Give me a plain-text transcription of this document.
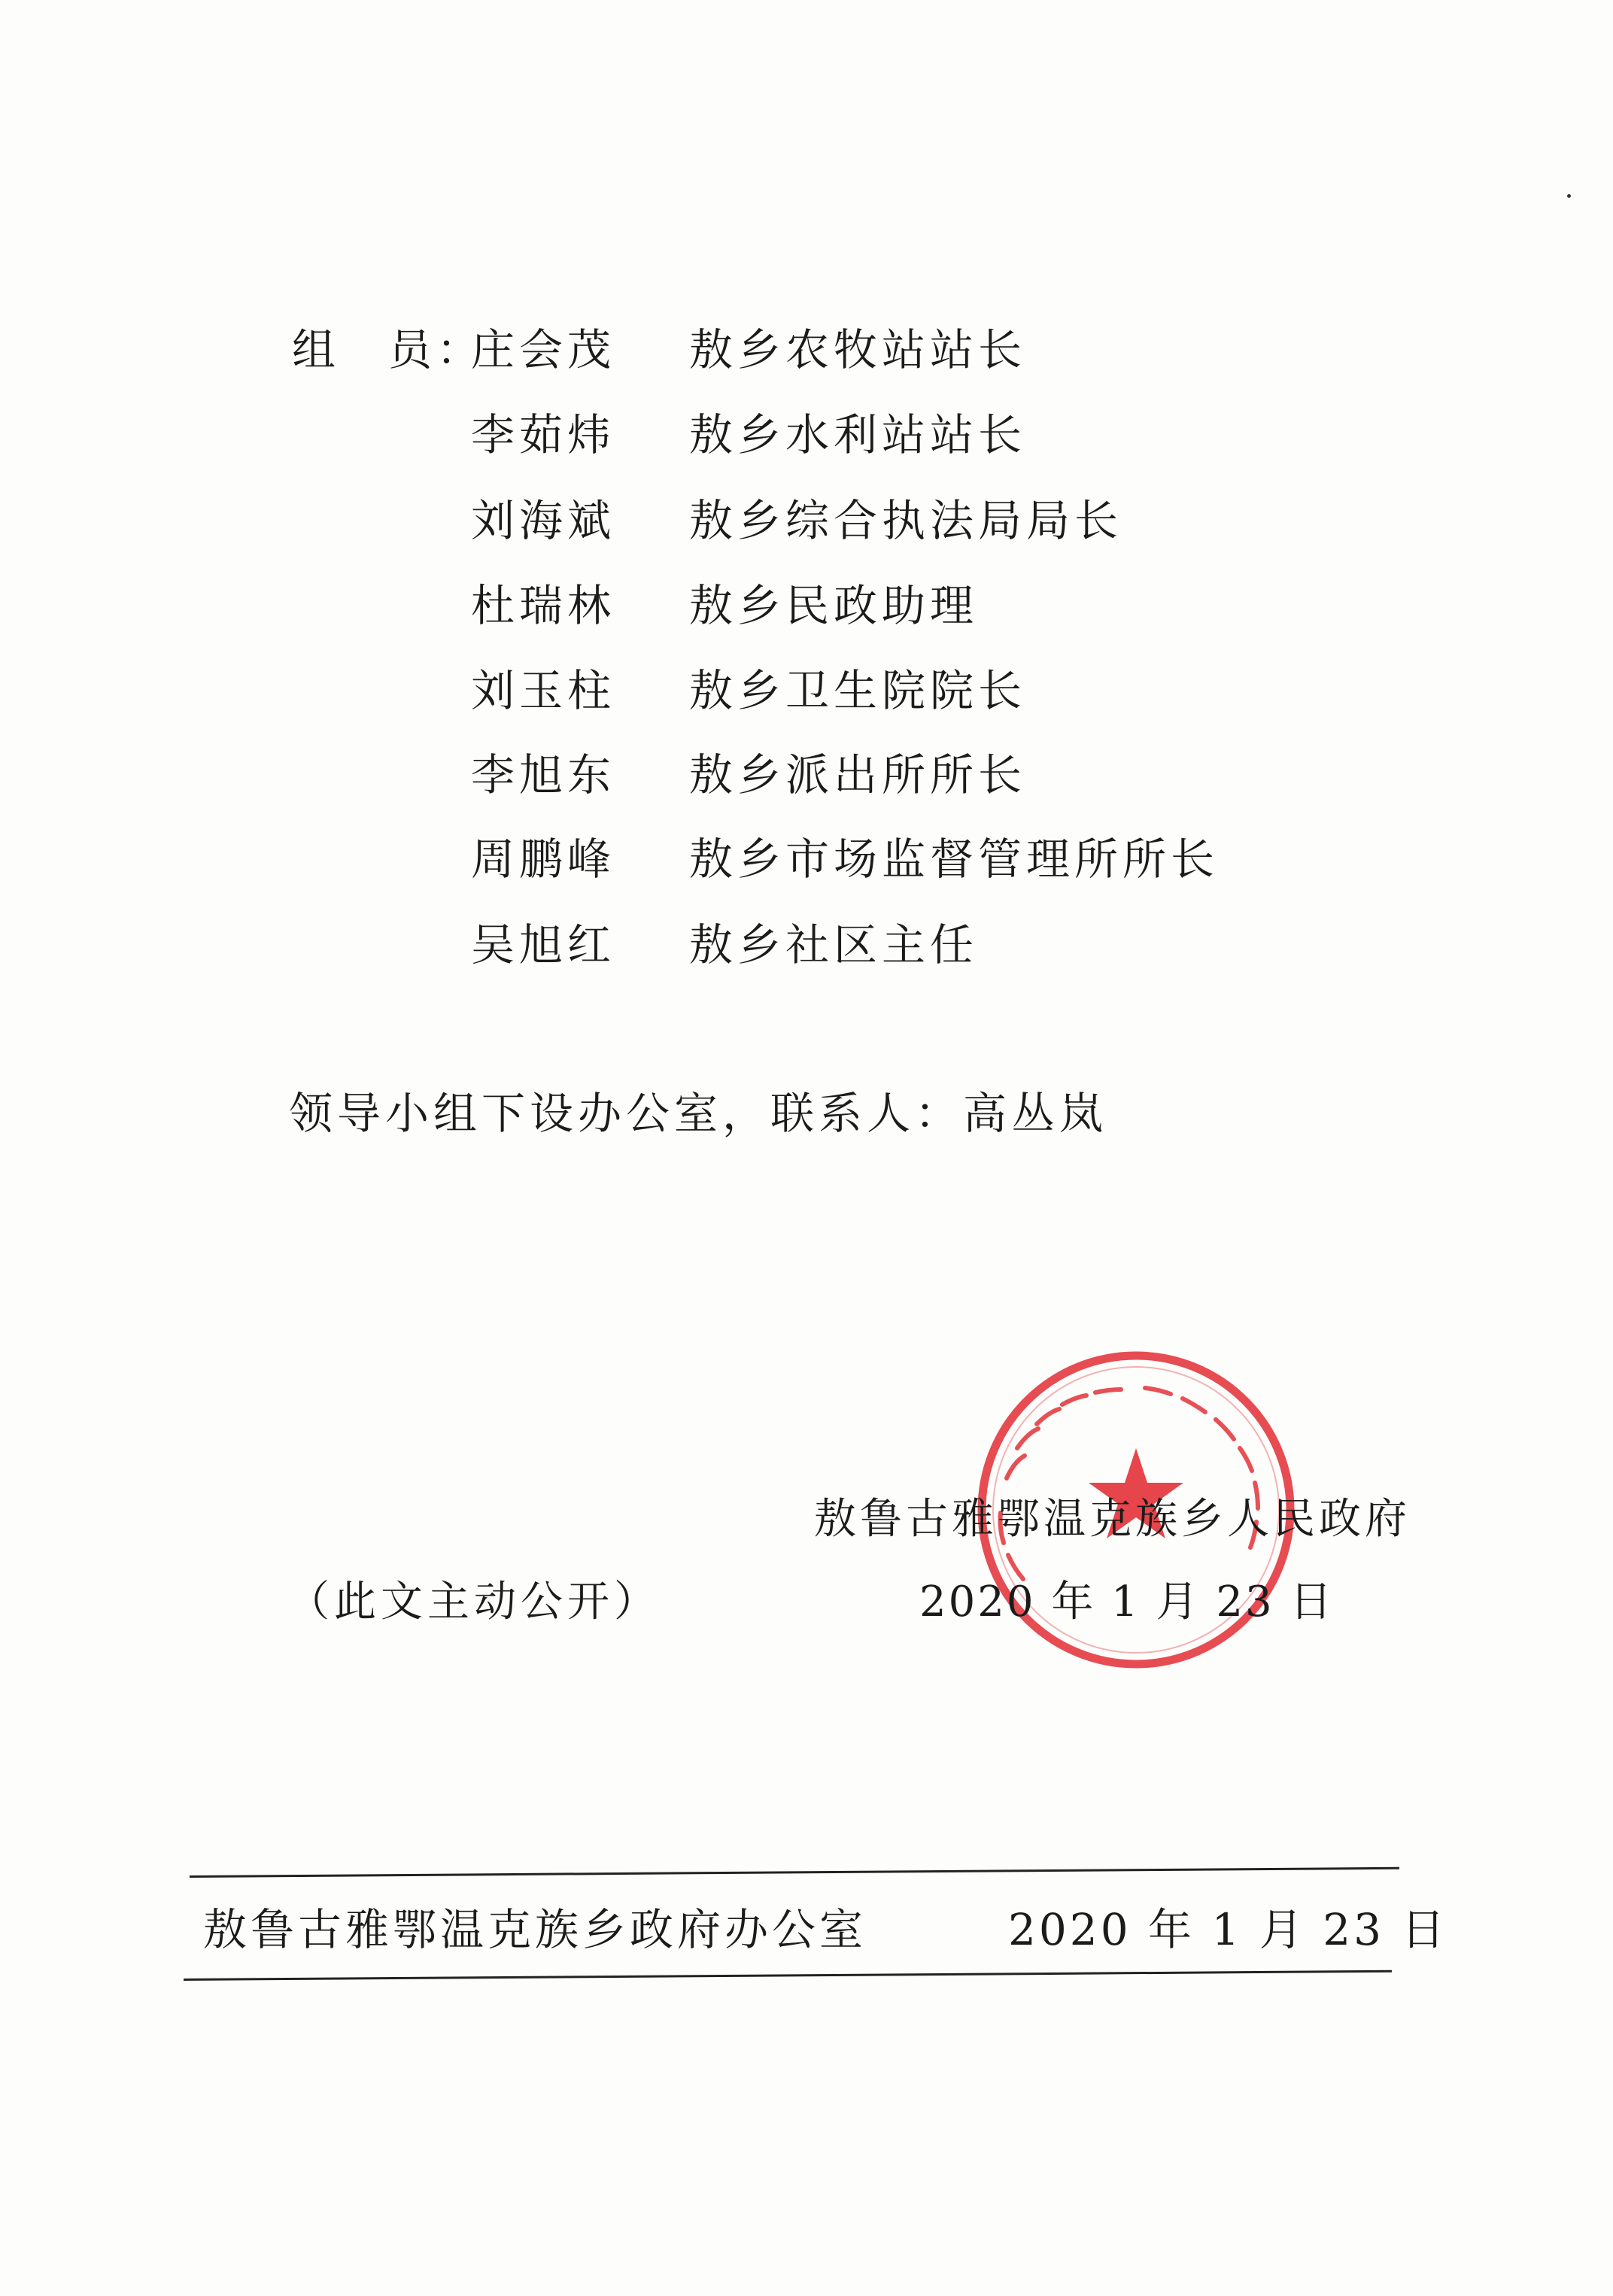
组　员：
庄会茂 敖乡农牧站站长
李茹炜 敖乡水利站站长
刘海斌 敖乡综合执法局局长
杜瑞林 敖乡民政助理
刘玉柱 敖乡卫生院院长
李旭东 敖乡派出所所长
周鹏峰 敖乡市场监督管理所所长
吴旭红 敖乡社区主任
领导小组下设办公室，联系人：高丛岚
敖鲁古雅鄂温克族乡人民政府
2020 年 1 月 23 日
（此文主动公开）
敖鲁古雅鄂温克族乡政府办公室	2020 年 1 月 23 日
